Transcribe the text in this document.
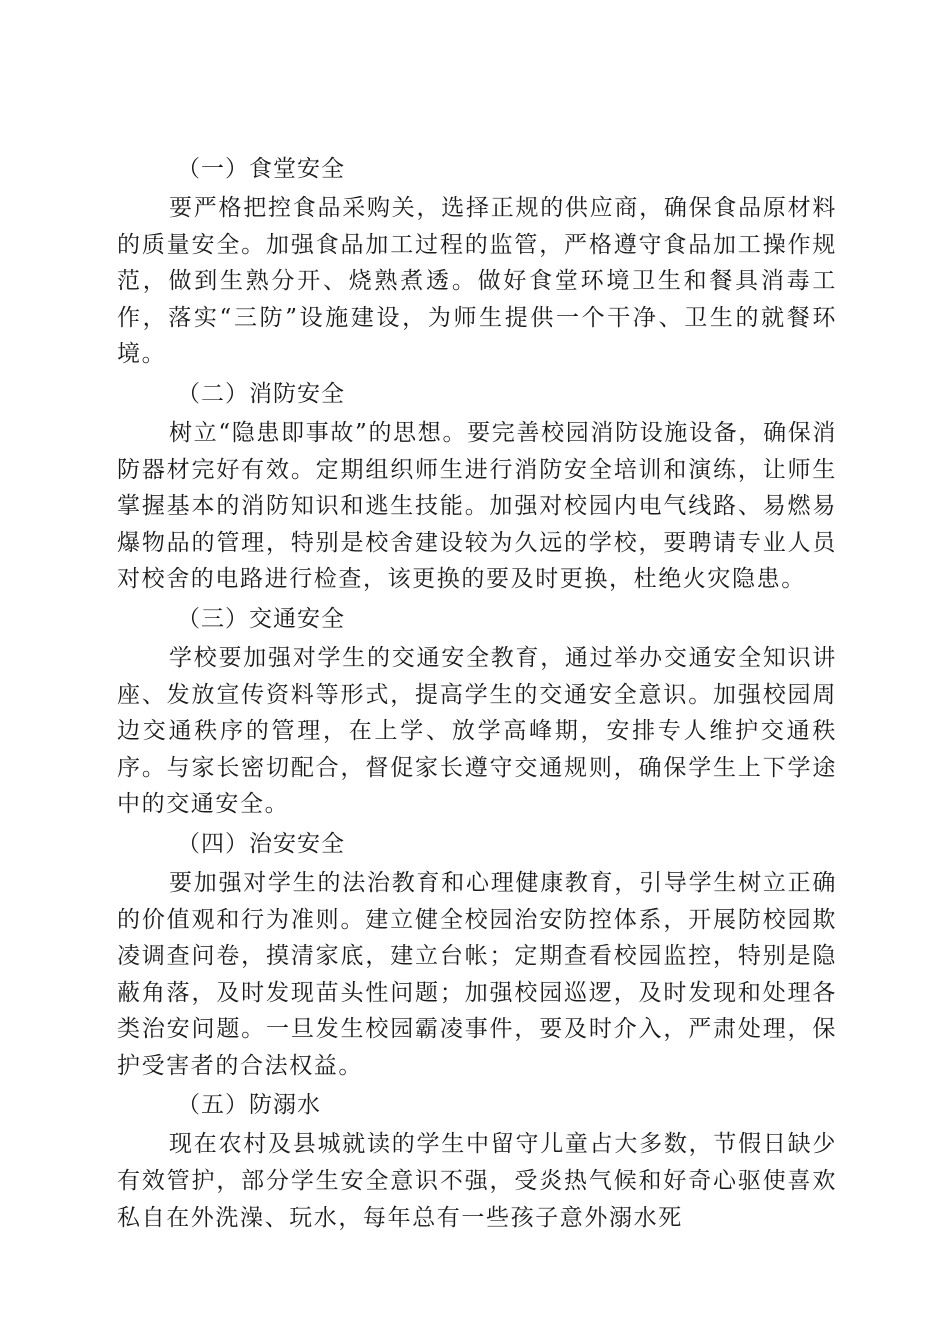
（一）食堂安全

要严格把控食品采购关，选择正规的供应商，确保食品原材料的质量安全。加强食品加工过程的监管，严格遵守食品加工操作规范，做到生熟分开、烧熟煮透。做好食堂环境卫生和餐具消毒工作，落实“三防”设施建设，为师生提供一个干净、卫生的就餐环境。

（二）消防安全

树立“隐患即事故”的思想。要完善校园消防设施设备，确保消防器材完好有效。定期组织师生进行消防安全培训和演练，让师生掌握基本的消防知识和逃生技能。加强对校园内电气线路、易燃易爆物品的管理，特别是校舍建设较为久远的学校，要聘请专业人员对校舍的电路进行检查，该更换的要及时更换，杜绝火灾隐患。

（三）交通安全

学校要加强对学生的交通安全教育，通过举办交通安全知识讲座、发放宣传资料等形式，提高学生的交通安全意识。加强校园周边交通秩序的管理，在上学、放学高峰期，安排专人维护交通秩序。与家长密切配合，督促家长遵守交通规则，确保学生上下学途中的交通安全。

（四）治安安全

要加强对学生的法治教育和心理健康教育，引导学生树立正确的价值观和行为准则。建立健全校园治安防控体系，开展防校园欺凌调查问卷，摸清家底，建立台帐；定期查看校园监控，特别是隐蔽角落，及时发现苗头性问题；加强校园巡逻，及时发现和处理各类治安问题。一旦发生校园霸凌事件，要及时介入，严肃处理，保护受害者的合法权益。

（五）防溺水

现在农村及县城就读的学生中留守儿童占大多数，节假日缺少有效管护，部分学生安全意识不强，受炎热气候和好奇心驱使喜欢私自在外洗澡、玩水，每年总有一些孩子意外溺水死
